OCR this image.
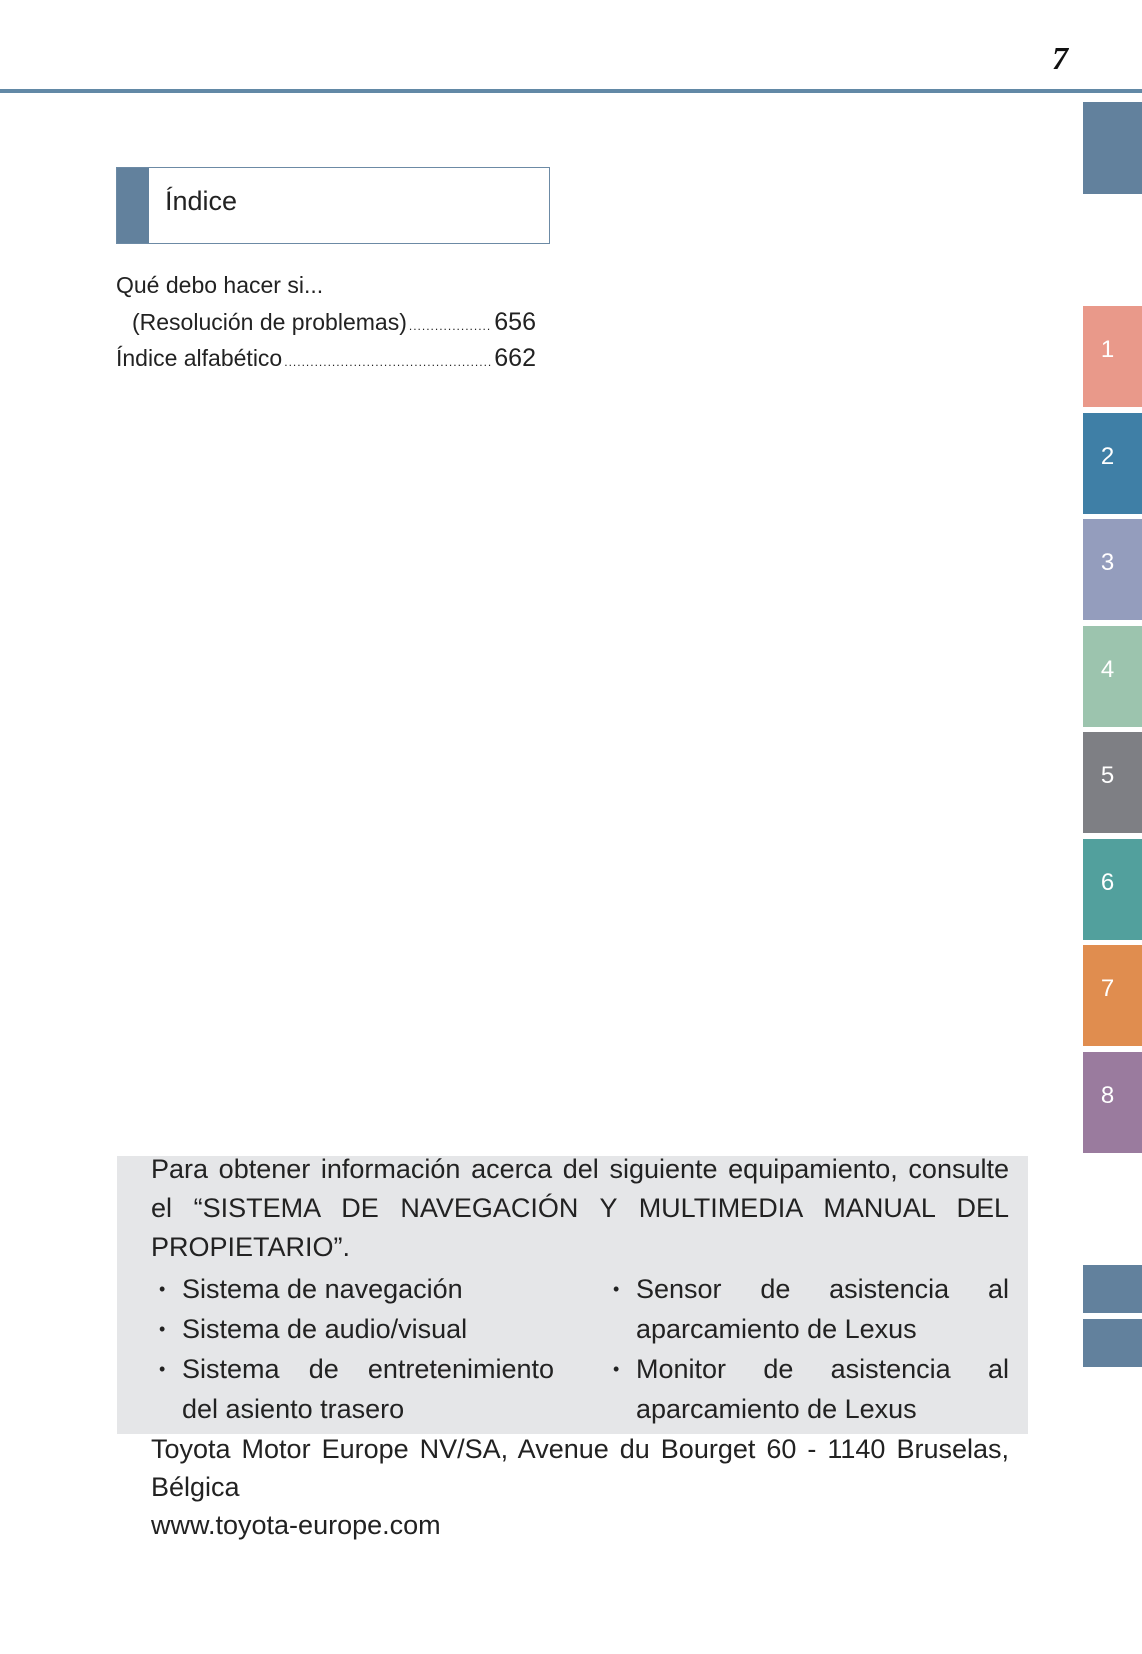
7
1
2
3
4
5
6
7
8
Índice
Qué debo hacer si...
(Resolución de problemas) .....	656
Índice alfabético .....	662
Para obtener información acerca del siguiente equipamiento, consulte el “SISTEMA DE NAVEGACIÓN Y MULTIMEDIA MANUAL DEL PROPIETARIO”.
• Sistema de navegación
• Sistema de audio/visual
• Sistema de entretenimiento del asiento trasero
• Sensor de asistencia al aparcamiento de Lexus
• Monitor de asistencia al aparcamiento de Lexus
Toyota Motor Europe NV/SA, Avenue du Bourget 60 - 1140 Bruselas, Bélgica
www.toyota-europe.com
